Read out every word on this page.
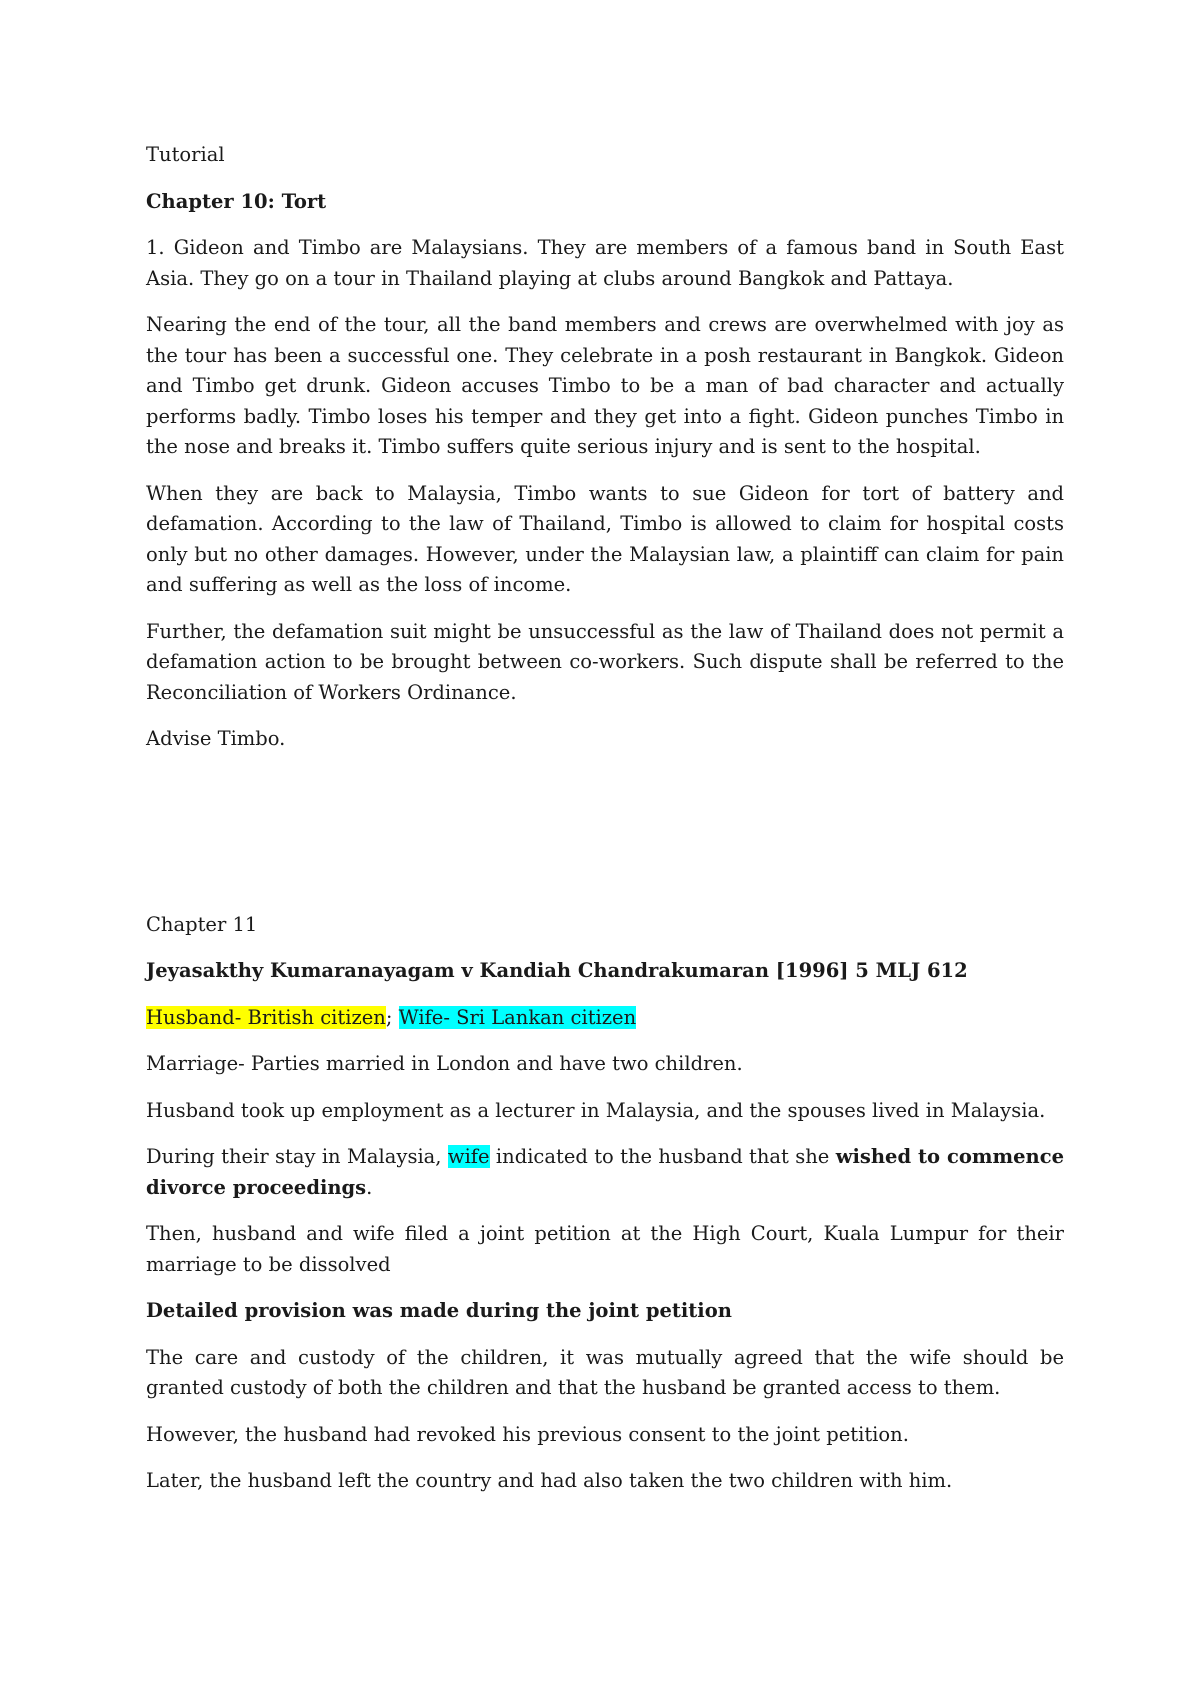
Tutorial

Chapter 10: Tort

1. Gideon and Timbo are Malaysians. They are members of a famous band in South East Asia. They go on a tour in Thailand playing at clubs around Bangkok and Pattaya.

Nearing the end of the tour, all the band members and crews are overwhelmed with joy as the tour has been a successful one. They celebrate in a posh restaurant in Bangkok. Gideon and Timbo get drunk. Gideon accuses Timbo to be a man of bad character and actually performs badly. Timbo loses his temper and they get into a fight. Gideon punches Timbo in the nose and breaks it. Timbo suffers quite serious injury and is sent to the hospital.

When they are back to Malaysia, Timbo wants to sue Gideon for tort of battery and defamation. According to the law of Thailand, Timbo is allowed to claim for hospital costs only but no other damages. However, under the Malaysian law, a plaintiff can claim for pain and suffering as well as the loss of income.

Further, the defamation suit might be unsuccessful as the law of Thailand does not permit a defamation action to be brought between co-workers. Such dispute shall be referred to the Reconciliation of Workers Ordinance.

Advise Timbo.

Chapter 11

Jeyasakthy Kumaranayagam v Kandiah Chandrakumaran [1996] 5 MLJ 612

Husband- British citizen; Wife- Sri Lankan citizen

Marriage- Parties married in London and have two children.

Husband took up employment as a lecturer in Malaysia, and the spouses lived in Malaysia.

During their stay in Malaysia, wife indicated to the husband that she wished to commence divorce proceedings.

Then, husband and wife filed a joint petition at the High Court, Kuala Lumpur for their marriage to be dissolved

Detailed provision was made during the joint petition

The care and custody of the children, it was mutually agreed that the wife should be granted custody of both the children and that the husband be granted access to them.

However, the husband had revoked his previous consent to the joint petition.

Later, the husband left the country and had also taken the two children with him.
